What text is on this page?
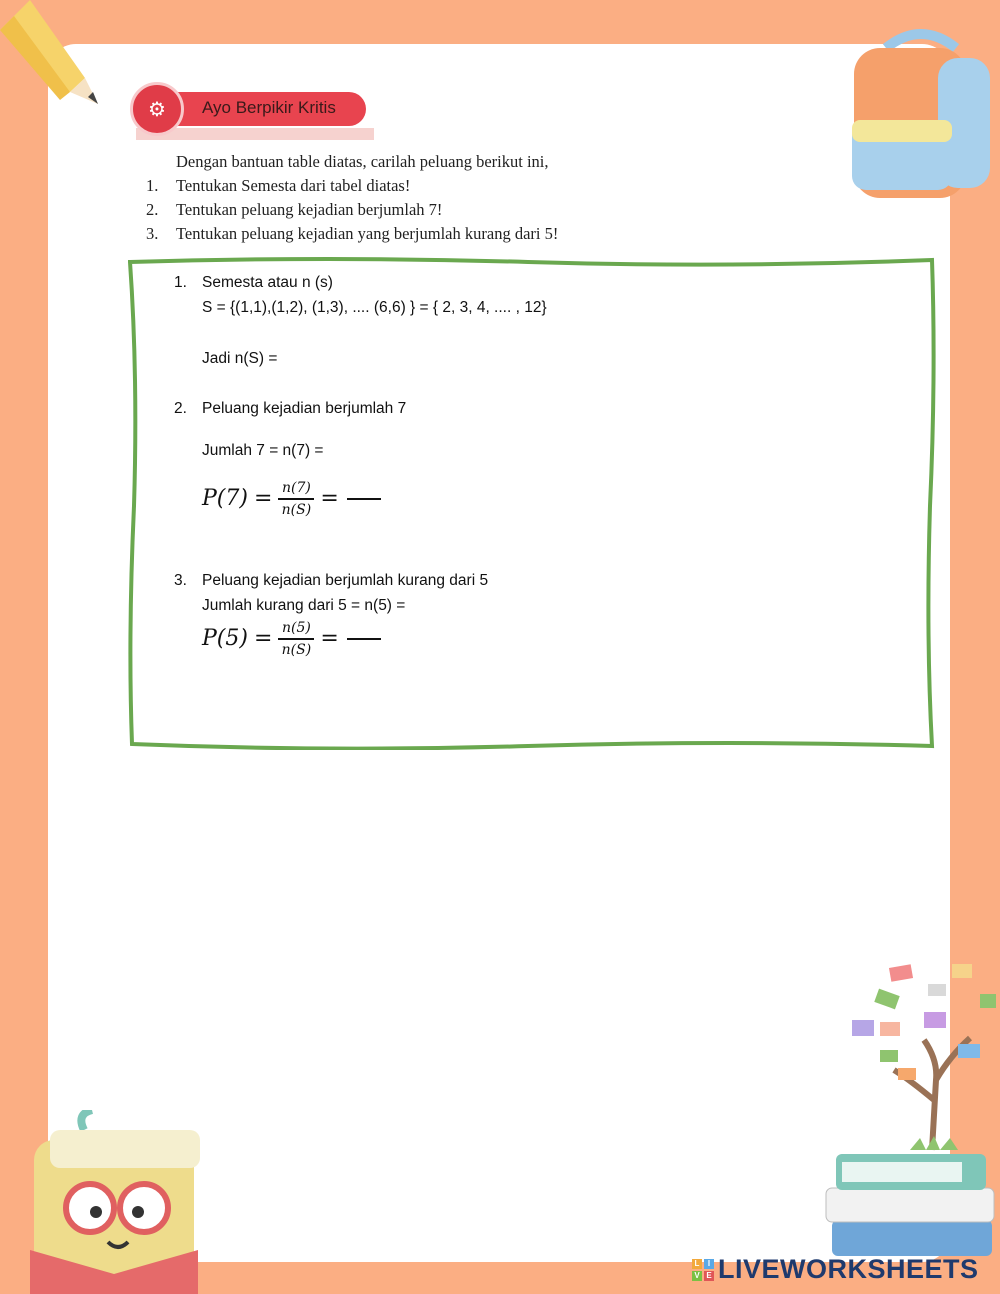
⚙	Ayo Berpikir Kritis
Dengan bantuan table diatas, carilah peluang berikut ini,
1.	Tentukan Semesta dari tabel diatas!
2.	Tentukan peluang kejadian berjumlah 7!
3.	Tentukan peluang kejadian yang berjumlah kurang dari 5!
1. Semesta atau n (s)
S = {(1,1),(1,2), (1,3), .... (6,6) } = { 2, 3, 4, .... , 12}
Jadi n(S) =
2. Peluang kejadian berjumlah 7
Jumlah 7 = n(7) =
$P(7) = \frac{n(7)}{n(S)}$ =
3. Peluang kejadian berjumlah kurang dari 5
Jumlah kurang dari 5 = n(5) =
$P(5) = \frac{n(5)}{n(S)}$ =
L	I
V E LIVEWORKSHEETS
